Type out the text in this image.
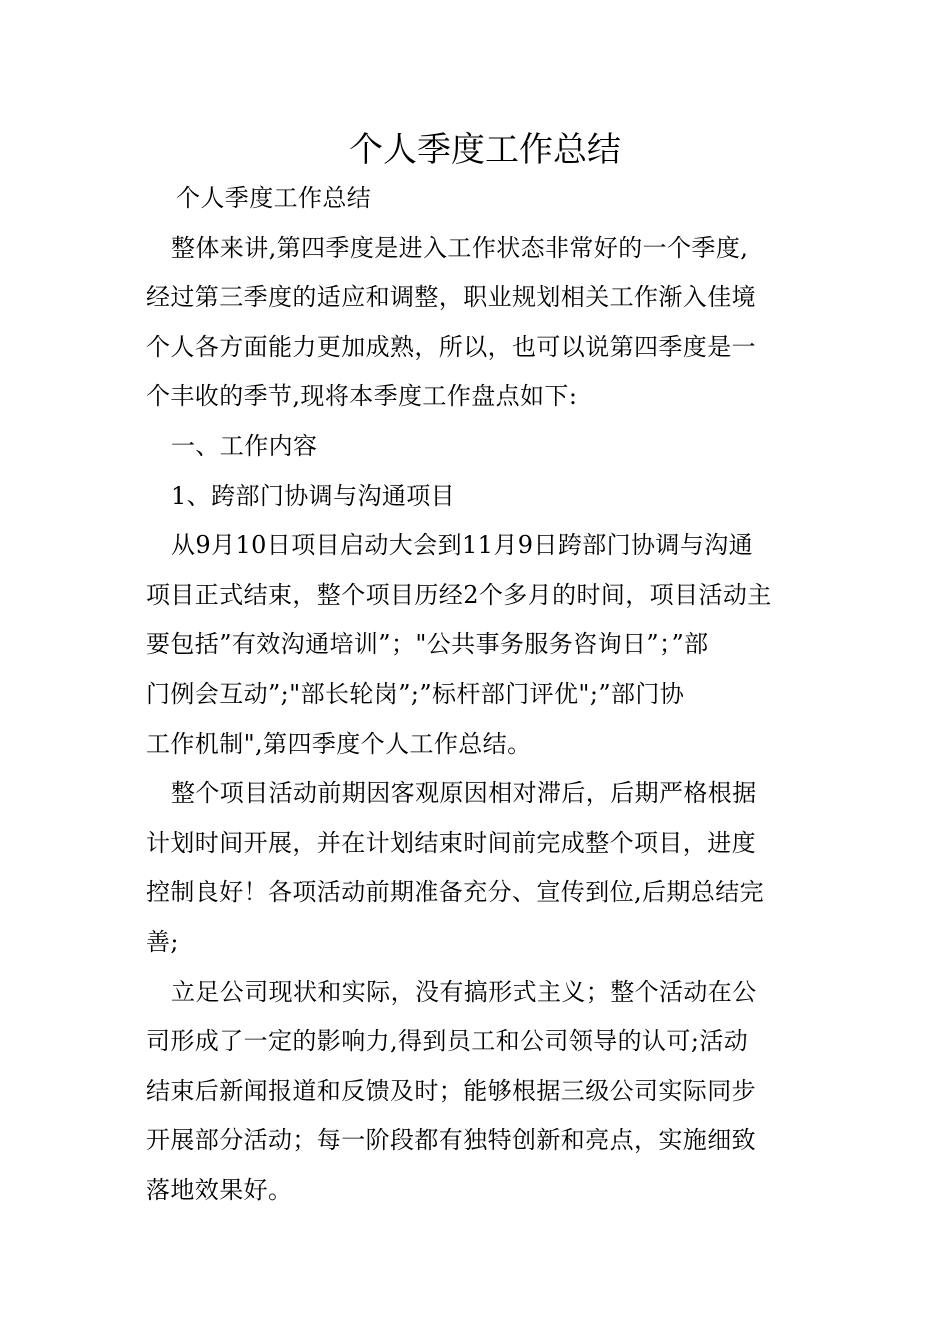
个人季度工作总结
个人季度工作总结
整体来讲,第四季度是进入工作状态非常好的一个季度,
经过第三季度的适应和调整，职业规划相关工作渐入佳境
个人各方面能力更加成熟，所以，也可以说第四季度是一
个丰收的季节,现将本季度工作盘点如下:
一、工作内容
1、跨部门协调与沟通项目
从9月10日项目启动大会到11月9日跨部门协调与沟通
项目正式结束，整个项目历经2个多月的时间，项目活动主
要包括”有效沟通培训”；"公共事务服务咨询日”；”部
门例会互动”;"部长轮岗”;”标杆部门评优";”部门协
工作机制",第四季度个人工作总结。
整个项目活动前期因客观原因相对滞后，后期严格根据
计划时间开展，并在计划结束时间前完成整个项目，进度
控制良好！各项活动前期准备充分、宣传到位,后期总结完
善;
立足公司现状和实际，没有搞形式主义；整个活动在公
司形成了一定的影响力,得到员工和公司领导的认可;活动
结束后新闻报道和反馈及时；能够根据三级公司实际同步
开展部分活动；每一阶段都有独特创新和亮点，实施细致
落地效果好。
